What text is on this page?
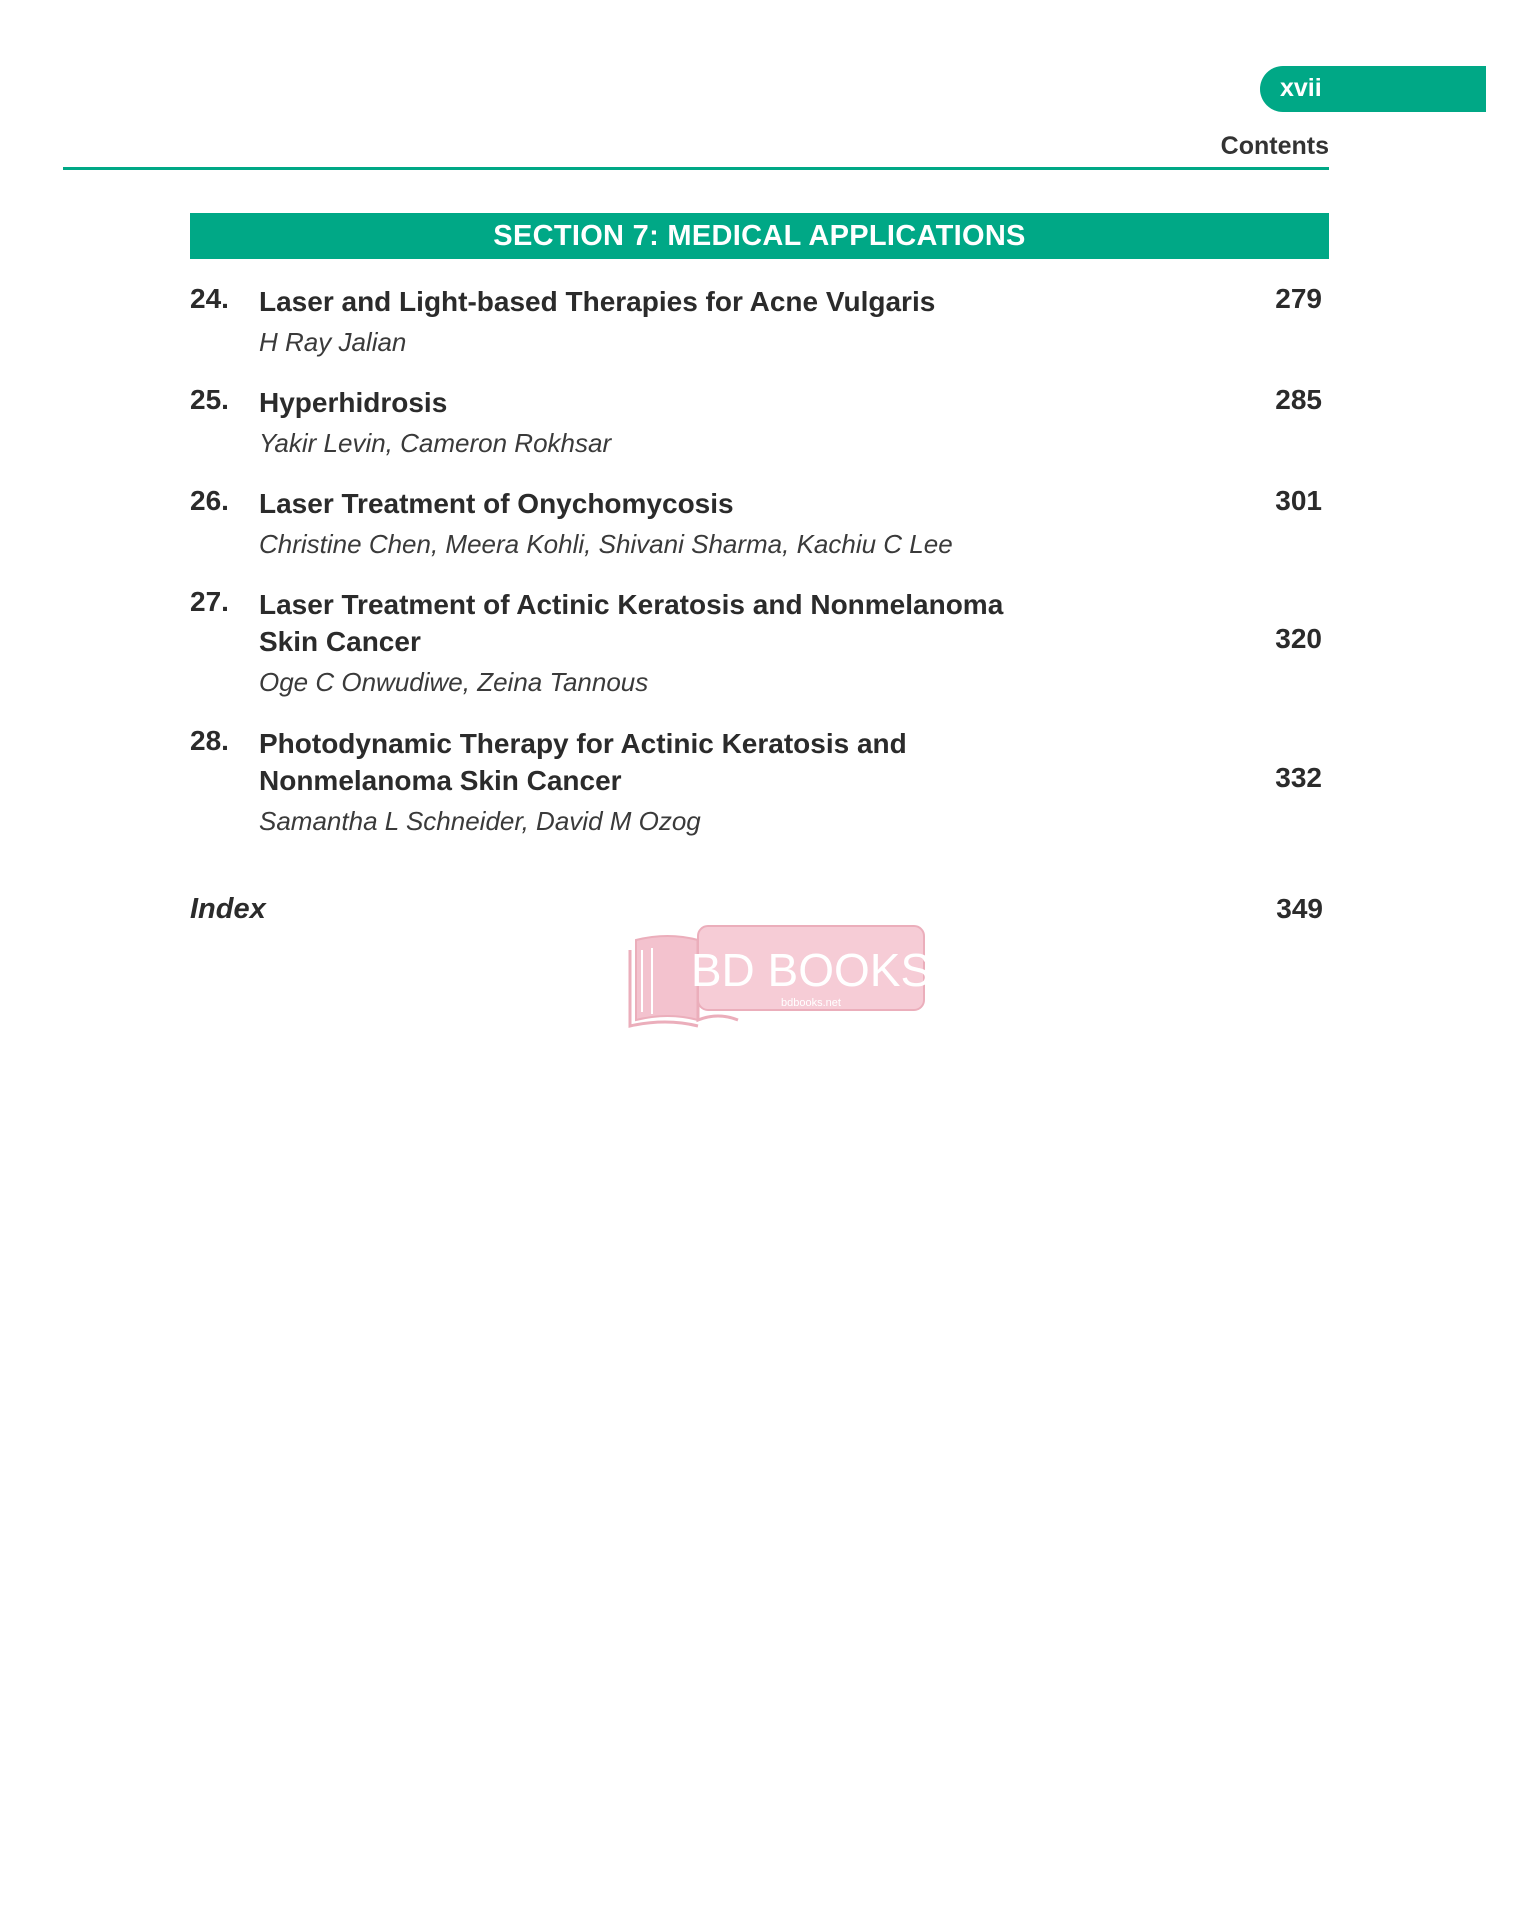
xvii
Contents
SECTION 7: MEDICAL APPLICATIONS
24. Laser and Light-based Therapies for Acne Vulgaris	279
H Ray Jalian
25. Hyperhidrosis	285
Yakir Levin, Cameron Rokhsar
26. Laser Treatment of Onychomycosis	301
Christine Chen, Meera Kohli, Shivani Sharma, Kachiu C Lee
27. Laser Treatment of Actinic Keratosis and Nonmelanoma
Skin Cancer	320
Oge C Onwudiwe, Zeina Tannous
28. Photodynamic Therapy for Actinic Keratosis and
Nonmelanoma Skin Cancer	332
Samantha L Schneider, David M Ozog
Index	349
BD BOOKS
bdbooks.net
